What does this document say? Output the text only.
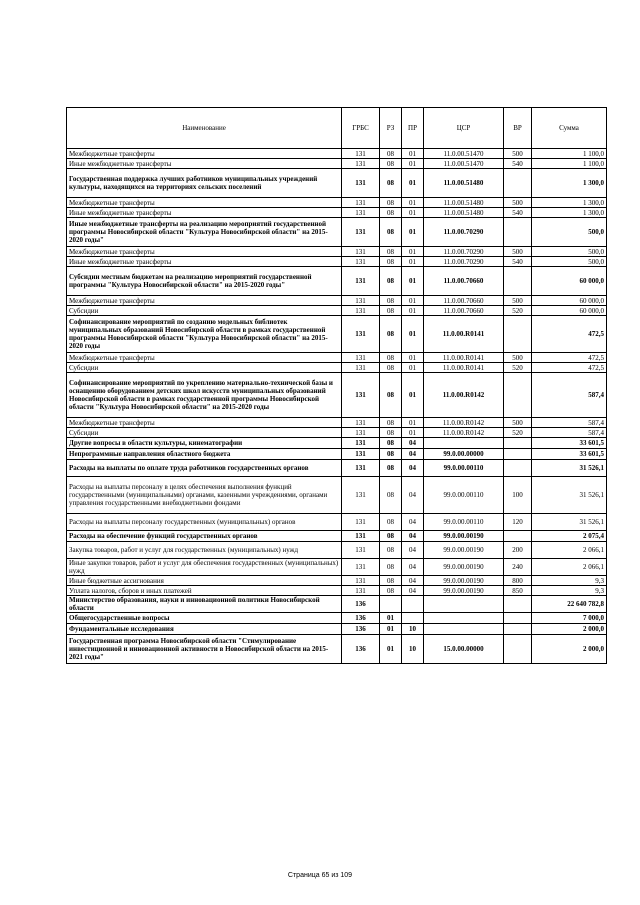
Наименование	ГРБС	РЗ	ПР	ЦСР	ВР	Сумма
Межбюджетные трансферты	131	08	01	11.0.00.51470	500	1 100,0
Иные межбюджетные трансферты	131	08	01	11.0.00.51470	540	1 100,0
Государственная поддержка лучших работников муниципальных учреждений культуры, находящихся на территориях сельских поселений	131	08	01	11.0.00.51480		1 300,0
Межбюджетные трансферты	131	08	01	11.0.00.51480	500	1 300,0
Иные межбюджетные трансферты	131	08	01	11.0.00.51480	540	1 300,0
Иные межбюджетные трансферты на реализацию мероприятий государственной программы Новосибирской области "Культура Новосибирской области" на 2015-2020 годы"	131	08	01	11.0.00.70290		500,0
Межбюджетные трансферты	131	08	01	11.0.00.70290	500	500,0
Иные межбюджетные трансферты	131	08	01	11.0.00.70290	540	500,0
Субсидии местным бюджетам на реализацию мероприятий государственной программы "Культура Новосибирской области" на 2015-2020 годы"	131	08	01	11.0.00.70660		60 000,0
Межбюджетные трансферты	131	08	01	11.0.00.70660	500	60 000,0
Субсидии	131	08	01	11.0.00.70660	520	60 000,0
Софинансирование мероприятий по созданию модельных библиотек муниципальных образований Новосибирской области в рамках государственной программы Новосибирской области "Культура Новосибирской области" на 2015-2020 годы	131	08	01	11.0.00.R0141		472,5
Межбюджетные трансферты	131	08	01	11.0.00.R0141	500	472,5
Субсидии	131	08	01	11.0.00.R0141	520	472,5
Софинансирование мероприятий по укреплению материально-технической базы и оснащению оборудованием детских школ искусств муниципальных образований Новосибирской области в рамках государственной программы Новосибирской области "Культура Новосибирской области" на 2015-2020 годы	131	08	01	11.0.00.R0142		587,4
Межбюджетные трансферты	131	08	01	11.0.00.R0142	500	587,4
Субсидии	131	08	01	11.0.00.R0142	520	587,4
Другие вопросы в области культуры, кинематографии	131	08	04			33 601,5
Непрограммные направления областного бюджета	131	08	04	99.0.00.00000		33 601,5
Расходы на выплаты по оплате труда работников государственных органов	131	08	04	99.0.00.00110		31 526,1
Расходы на выплаты персоналу в целях обеспечения выполнения функций государственными (муниципальными) органами, казенными учреждениями, органами управления государственными внебюджетными фондами	131	08	04	99.0.00.00110	100	31 526,1
Расходы на выплаты персоналу государственных (муниципальных) органов	131	08	04	99.0.00.00110	120	31 526,1
Расходы на обеспечение функций государственных органов	131	08	04	99.0.00.00190		2 075,4
Закупка товаров, работ и услуг для государственных (муниципальных) нужд	131	08	04	99.0.00.00190	200	2 066,1
Иные закупки товаров, работ и услуг для обеспечения государственных (муниципальных) нужд	131	08	04	99.0.00.00190	240	2 066,1
Иные бюджетные ассигнования	131	08	04	99.0.00.00190	800	9,3
Уплата налогов, сборов и иных платежей	131	08	04	99.0.00.00190	850	9,3
Министерство образования, науки и инновационной политики Новосибирской области	136					22 640 782,8
Общегосударственные вопросы	136	01				7 000,0
Фундаментальные исследования	136	01	10			2 000,0
Государственная программа Новосибирской области "Стимулирование инвестиционной и инновационной активности в Новосибирской области на 2015-2021 годы"	136	01	10	15.0.00.00000		2 000,0
Страница 65 из 109
